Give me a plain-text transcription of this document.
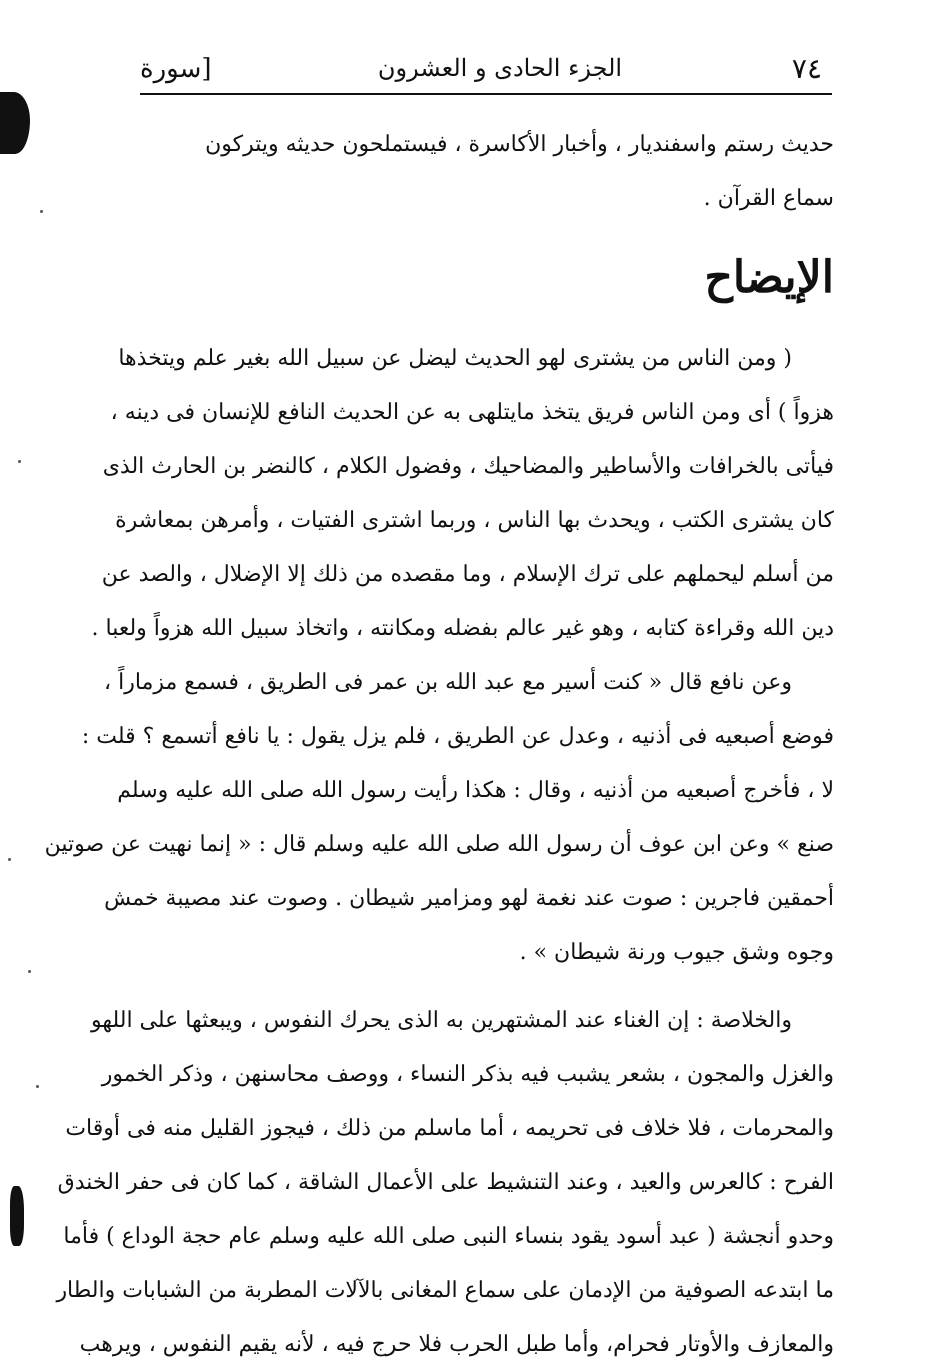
[سورة	الجزء الحادى و العشرون	٧٤
حديث رستم واسفنديار ، وأخبار الأكاسرة ، فيستملحون حديثه ويتركون
سماع القرآن .
الإيضاح
( ومن الناس من يشترى لهو الحديث ليضل عن سبيل الله بغير علم ويتخذها
هزواً ) أى ومن الناس فريق يتخذ مايتلهى به عن الحديث النافع للإنسان فى دينه ،
فيأتى بالخرافات والأساطير والمضاحيك ، وفضول الكلام ، كالنضر بن الحارث الذى
كان يشترى الكتب ، ويحدث بها الناس ، وربما اشترى الفتيات ، وأمرهن بمعاشرة
من أسلم ليحملهم على ترك الإسلام ، وما مقصده من ذلك إلا الإضلال ، والصد عن
دين الله وقراءة كتابه ، وهو غير عالم بفضله ومكانته ، واتخاذ سبيل الله هزواً ولعبا .
وعن نافع قال « كنت أسير مع عبد الله بن عمر فى الطريق ، فسمع مزماراً ،
فوضع أصبعيه فى أذنيه ، وعدل عن الطريق ، فلم يزل يقول : يا نافع أتسمع ؟ قلت :
لا ، فأخرج أصبعيه من أذنيه ، وقال : هكذا رأيت رسول الله صلى الله عليه وسلم
صنع » وعن ابن عوف أن رسول الله صلى الله عليه وسلم قال : « إنما نهيت عن صوتين
أحمقين فاجرين : صوت عند نغمة لهو ومزامير شيطان . وصوت عند مصيبة خمش
وجوه وشق جيوب ورنة شيطان » .
والخلاصة : إن الغناء عند المشتهرين به الذى يحرك النفوس ، ويبعثها على اللهو
والغزل والمجون ، بشعر يشبب فيه بذكر النساء ، ووصف محاسنهن ، وذكر الخمور
والمحرمات ، فلا خلاف فى تحريمه ، أما ماسلم من ذلك ، فيجوز القليل منه فى أوقات
الفرح : كالعرس والعيد ، وعند التنشيط على الأعمال الشاقة ، كما كان فى حفر الخندق
وحدو أنجشة ( عبد أسود يقود بنساء النبى صلى الله عليه وسلم عام حجة الوداع ) فأما
ما ابتدعه الصوفية من الإدمان على سماع المغانى بالآلات المطربة من الشبابات والطار
والمعازف والأوتار فحرام، وأما طبل الحرب فلا حرج فيه ، لأنه يقيم النفوس ، ويرهب
